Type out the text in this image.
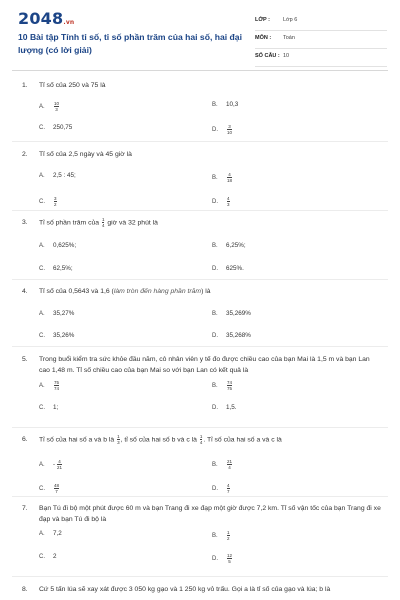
2048.vn
10 Bài tập Tính tỉ số, tỉ số phần trăm của hai số, hai đại lượng (có lời giải)
LỚP : Lớp 6
MÔN : Toán
SỐ CÂU : 10
1.	Tỉ số của 250 và 75 là
A.	$\frac{10}{3}$	B.	10,3
C.	250,75	D.	$\frac{3}{10}$
2.	Tỉ số của 2,5 ngày và 45 giờ là
A.	2,5 : 45;	B.	$\frac{4}{18}$
C.	$\frac{3}{2}$	D.	$\frac{4}{3}$
3.	Tỉ số phần trăm của $\frac{1}{4}$ giờ và 32 phút là
A.	0,625%;	B.	6,25%;
C.	62,5%;	D.	625%.
4.	Tỉ số của 0,5643 và 1,6 (làm tròn đến hàng phần trăm) là
A.	35,27%	B.	35,269%
C.	35,26%	D.	35,268%
5.	Trong buổi kiểm tra sức khỏe đầu năm, cô nhân viên y tế đo được chiều cao của bạn Mai là 1,5 m và bạn Lan cao 1,48 m. Tỉ số chiều cao của bạn Mai so với bạn Lan có kết quả là
A.	$\frac{75}{74}$	B.	$\frac{74}{75}$
C.	1;	D.	1,5.
6.	Tỉ số của hai số a và b là $\frac{1}{3}$ , tỉ số của hai số b và c là $\frac{1}{4}$ . Tỉ số của hai số a và c là
A.	- $\frac{4}{21}$	B.	$\frac{21}{4}$
C.	$\frac{48}{7}$	D.	$\frac{4}{7}$
7.	Bạn Tú đi bộ một phút được 60 m và bạn Trang đi xe đạp một giờ được 7,2 km. Tỉ số vận tốc của bạn Trang đi xe đạp và bạn Tú đi bộ là
A.	7,2	B.	$\frac{1}{2}$
C.	2	D.	$\frac{12}{5}$
8.	Cứ 5 tấn lúa sẽ xay xát được 3 050 kg gạo và 1 250 kg vỏ trấu. Gọi a là tỉ số của gạo và lúa; b là
